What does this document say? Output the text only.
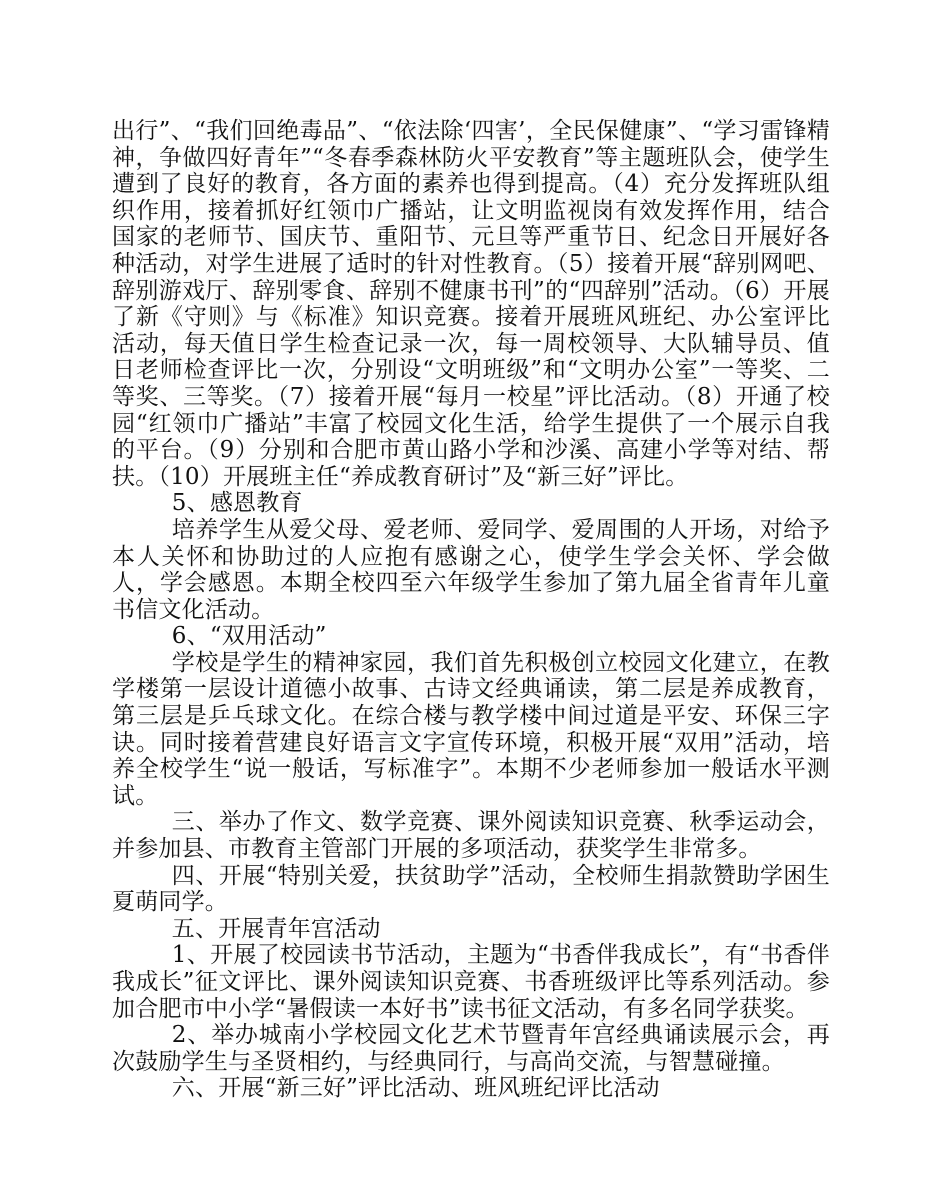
出行”、“我们回绝毒品”、“依法除‘四害’，全民保健康”、“学习雷锋精神，争做四好青年”“冬春季森林防火平安教育”等主题班队会，使学生遭到了良好的教育，各方面的素养也得到提高。（4）充分发挥班队组织作用，接着抓好红领巾广播站，让文明监视岗有效发挥作用，结合国家的老师节、国庆节、重阳节、元旦等严重节日、纪念日开展好各种活动，对学生进展了适时的针对性教育。（5）接着开展“辞别网吧、辞别游戏厅、辞别零食、辞别不健康书刊”的“四辞别”活动。（6）开展了新《守则》与《标准》知识竞赛。接着开展班风班纪、办公室评比活动，每天值日学生检查记录一次，每一周校领导、大队辅导员、值日老师检查评比一次，分别设“文明班级”和“文明办公室”一等奖、二等奖、三等奖。（7）接着开展“每月一校星”评比活动。（8）开通了校园“红领巾广播站”丰富了校园文化生活，给学生提供了一个展示自我的平台。（9）分别和合肥市黄山路小学和沙溪、高建小学等对结、帮扶。（10）开展班主任“养成教育研讨”及“新三好”评比。

5、感恩教育

培养学生从爱父母、爱老师、爱同学、爱周围的人开场，对给予本人关怀和协助过的人应抱有感谢之心，使学生学会关怀、学会做人，学会感恩。本期全校四至六年级学生参加了第九届全省青年儿童书信文化活动。

6、“双用活动”

学校是学生的精神家园，我们首先积极创立校园文化建立，在教学楼第一层设计道德小故事、古诗文经典诵读，第二层是养成教育，第三层是乒乓球文化。在综合楼与教学楼中间过道是平安、环保三字诀。同时接着营建良好语言文字宣传环境，积极开展“双用”活动，培养全校学生“说一般话，写标准字”。本期不少老师参加一般话水平测试。

三、举办了作文、数学竞赛、课外阅读知识竞赛、秋季运动会，并参加县、市教育主管部门开展的多项活动，获奖学生非常多。

四、开展“特别关爱，扶贫助学”活动，全校师生捐款赞助学困生夏萌同学。

五、开展青年宫活动

1、开展了校园读书节活动，主题为“书香伴我成长”，有“书香伴我成长”征文评比、课外阅读知识竞赛、书香班级评比等系列活动。参加合肥市中小学“暑假读一本好书”读书征文活动，有多名同学获奖。

2、举办城南小学校园文化艺术节暨青年宫经典诵读展示会，再次鼓励学生与圣贤相约，与经典同行，与高尚交流，与智慧碰撞。

六、开展“新三好”评比活动、班风班纪评比活动
